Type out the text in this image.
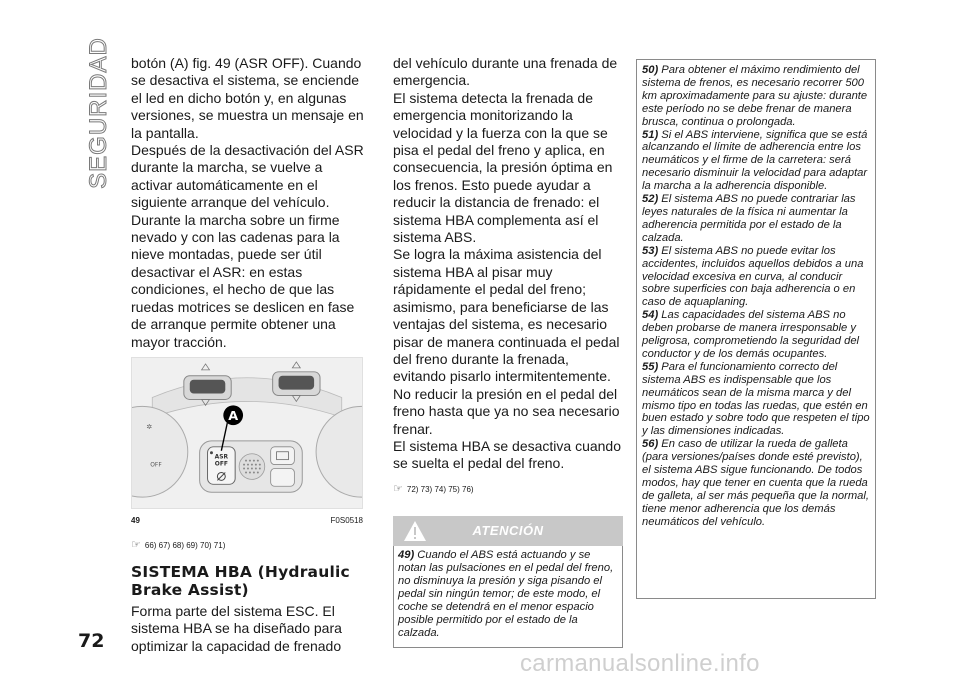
SEGURIDAD botón (A) fig. 49 (ASR OFF). Cuando se desactiva el sistema, se enciende el led en dicho botón y, en algunas versiones, se muestra un mensaje en la pantalla.

Después de la desactivación del ASR durante la marcha, se vuelve a activar automáticamente en el siguiente arranque del vehículo. Durante la marcha sobre un firme nevado y con las cadenas para la nieve montadas, puede ser útil desactivar el ASR: en estas condiciones, el hecho de que las ruedas motrices se deslicen en fase de arranque permite obtener una mayor tracción.

✲
ASR
OFF
OFF
A
49	F0S0518
☞ 66) 67) 68) 69) 70) 71)
SISTEMA HBA (Hydraulic Brake Assist)

Forma parte del sistema ESC. El sistema HBA se ha diseñado para optimizar la capacidad de frenado

del vehículo durante una frenada de emergencia.

El sistema detecta la frenada de emergencia monitorizando la velocidad y la fuerza con la que se pisa el pedal del freno y aplica, en consecuencia, la presión óptima en los frenos. Esto puede ayudar a reducir la distancia de frenado: el sistema HBA complementa así el sistema ABS.

Se logra la máxima asistencia del sistema HBA al pisar muy rápidamente el pedal del freno; asimismo, para beneficiarse de las ventajas del sistema, es necesario pisar de manera continuada el pedal del freno durante la frenada, evitando pisarlo intermitentemente.

No reducir la presión en el pedal del freno hasta que ya no sea necesario frenar.

El sistema HBA se desactiva cuando se suelta el pedal del freno.

☞ 72) 73) 74) 75) 76)
ATENCIÓN
49) Cuando el ABS está actuando y se notan las pulsaciones en el pedal del freno, no disminuya la presión y siga pisando el pedal sin ningún temor; de este modo, el coche se detendrá en el menor espacio posible permitido por el estado de la calzada.

50) Para obtener el máximo rendimiento del sistema de frenos, es necesario recorrer 500 km aproximadamente para su ajuste: durante este período no se debe frenar de manera brusca, continua o prolongada.

51) Si el ABS interviene, significa que se está alcanzando el límite de adherencia entre los neumáticos y el firme de la carretera: será necesario disminuir la velocidad para adaptar la marcha a la adherencia disponible.

52) El sistema ABS no puede contrariar las leyes naturales de la física ni aumentar la adherencia permitida por el estado de la calzada.

53) El sistema ABS no puede evitar los accidentes, incluidos aquellos debidos a una velocidad excesiva en curva, al conducir sobre superficies con baja adherencia o en caso de aquaplaning.

54) Las capacidades del sistema ABS no deben probarse de manera irresponsable y peligrosa, comprometiendo la seguridad del conductor y de los demás ocupantes.

55) Para el funcionamiento correcto del sistema ABS es indispensable que los neumáticos sean de la misma marca y del mismo tipo en todas las ruedas, que estén en buen estado y sobre todo que respeten el tipo y las dimensiones indicadas.

56) En caso de utilizar la rueda de galleta (para versiones/países donde esté previsto), el sistema ABS sigue funcionando. De todos modos, hay que tener en cuenta que la rueda de galleta, al ser más pequeña que la normal, tiene menor adherencia que los demás neumáticos del vehículo.

72
carmanualsonline.info
